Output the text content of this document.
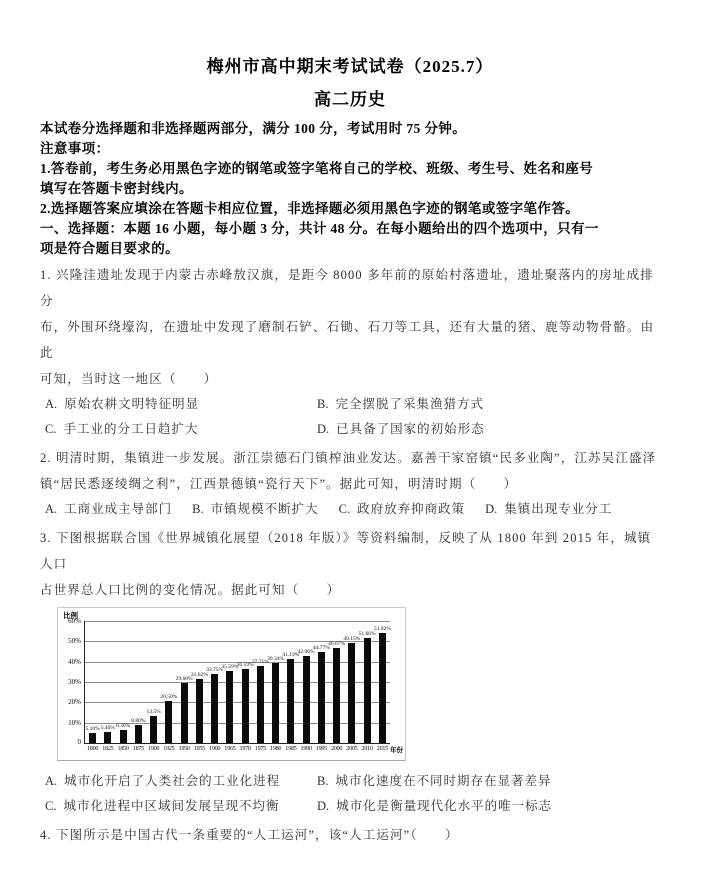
梅州市高中期末考试试卷（2025.7）
高二历史
本试卷分选择题和非选择题两部分，满分 100 分，考试用时 75 分钟。
注意事项：
1.答卷前，考生务必用黑色字迹的钢笔或签字笔将自己的学校、班级、考生号、姓名和座号
填写在答题卡密封线内。
2.选择题答案应填涂在答题卡相应位置，非选择题必须用黑色字迹的钢笔或签字笔作答。
一、选择题：本题 16 小题，每小题 3 分，共计 48 分。在每小题给出的四个选项中，只有一
项是符合题目要求的。
1. 兴隆洼遗址发现于内蒙古赤峰敖汉旗，是距今 8000 多年前的原始村落遗址，遗址聚落内的房址成排分
布，外围环绕壕沟，在遗址中发现了磨制石铲、石锄、石刀等工具，还有大量的猪、鹿等动物骨骼。由此
可知，当时这一地区（　　）
A. 原始农耕文明特征明显	B. 完全摆脱了采集渔猎方式
C. 手工业的分工日趋扩大	D. 已具备了国家的初始形态
2. 明清时期，集镇进一步发展。浙江崇德石门镇榨油业发达。嘉善干家窑镇“民多业陶”，江苏吴江盛泽
镇“居民悉逐绫绸之利”，江西景德镇“瓷行天下”。据此可知，明清时期（　　）
A. 工商业成主导部门 B. 市镇规模不断扩大 C. 政府放弃抑商政策 D. 集镇出现专业分工
3. 下图根据联合国《世界城镇化展望（2018 年版）》等资料编制，反映了从 1800 年到 2015 年，城镇人口
占世界总人口比例的变化情况。据此可知（　　）
比例
5.10%
1800
5.40%
1825
6.30%
1850
8.80%
1875
13.5%
1900
20.50%
1925
29.60%
1950
31.62%
1955
33.75%
1960
35.59%
1965
36.59%
1970
37.71%
1975
39.34%
1980
41.19%
1985
42.96%
1990
44.77%
1995
46.67%
2000
49.15%
2005
51.66%
2010
53.92%
2015 年份
10%
20%
30%
40%
50%
60%
0
A. 城市化开启了人类社会的工业化进程	B. 城市化速度在不同时期存在显著差异
C. 城市化进程中区域间发展呈现不均衡	D. 城市化是衡量现代化水平的唯一标志
4. 下图所示是中国古代一条重要的“人工运河”，该“人工运河”（　　）
